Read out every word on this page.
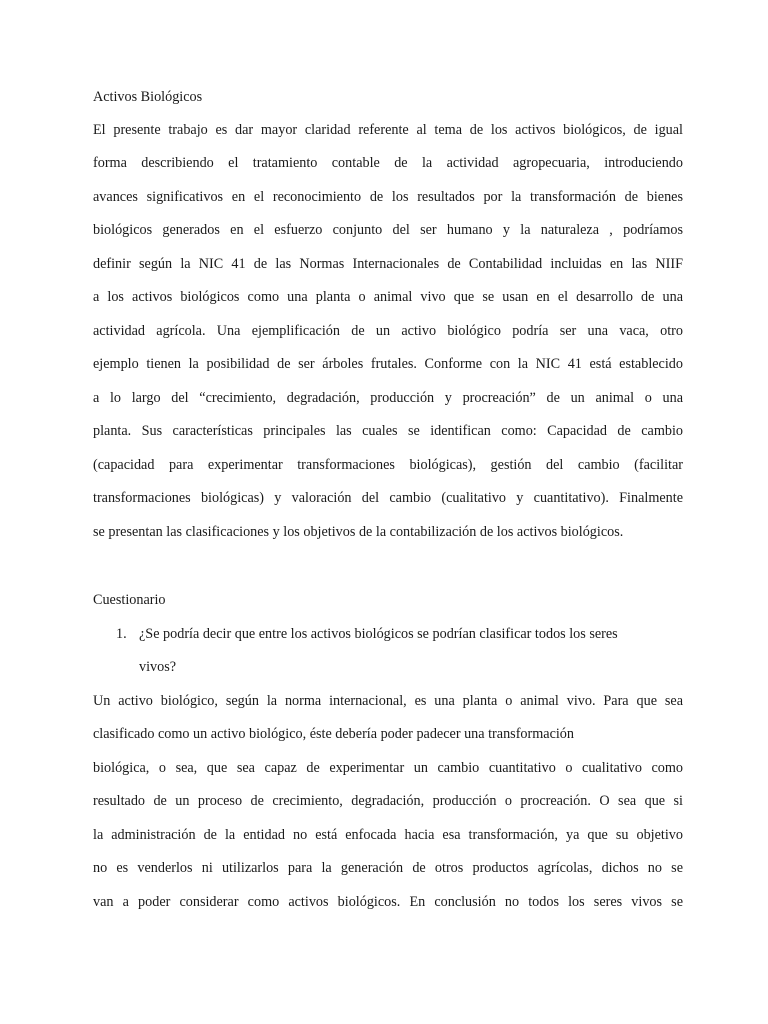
Activos Biológicos
El presente trabajo es dar mayor claridad referente al tema de los activos biológicos, de igual
forma describiendo el tratamiento contable de la actividad agropecuaria, introduciendo
avances significativos en el reconocimiento de los resultados por la transformación de bienes
biológicos generados en el esfuerzo conjunto del ser humano y la naturaleza , podríamos
definir según la NIC 41 de las Normas Internacionales de Contabilidad incluidas en las NIIF
a los activos biológicos como una planta o animal vivo que se usan en el desarrollo de una
actividad agrícola. Una ejemplificación de un activo biológico podría ser una vaca, otro
ejemplo tienen la posibilidad de ser árboles frutales. Conforme con la NIC 41 está establecido
a lo largo del “crecimiento, degradación, producción y procreación” de un animal o una
planta. Sus características principales las cuales se identifican como: Capacidad de cambio
(capacidad para experimentar transformaciones biológicas), gestión del cambio (facilitar
transformaciones biológicas) y valoración del cambio (cualitativo y cuantitativo). Finalmente
se presentan las clasificaciones y los objetivos de la contabilización de los activos biológicos.
Cuestionario
1. ¿Se podría decir que entre los activos biológicos se podrían clasificar todos los seres
vivos?
Un activo biológico, según la norma internacional, es una planta o animal vivo. Para que sea
clasificado como un activo biológico, éste debería poder padecer una transformación
biológica, o sea, que sea capaz de experimentar un cambio cuantitativo o cualitativo como
resultado de un proceso de crecimiento, degradación, producción o procreación. O sea que si
la administración de la entidad no está enfocada hacia esa transformación, ya que su objetivo
no es venderlos ni utilizarlos para la generación de otros productos agrícolas, dichos no se
van a poder considerar como activos biológicos. En conclusión no todos los seres vivos se
